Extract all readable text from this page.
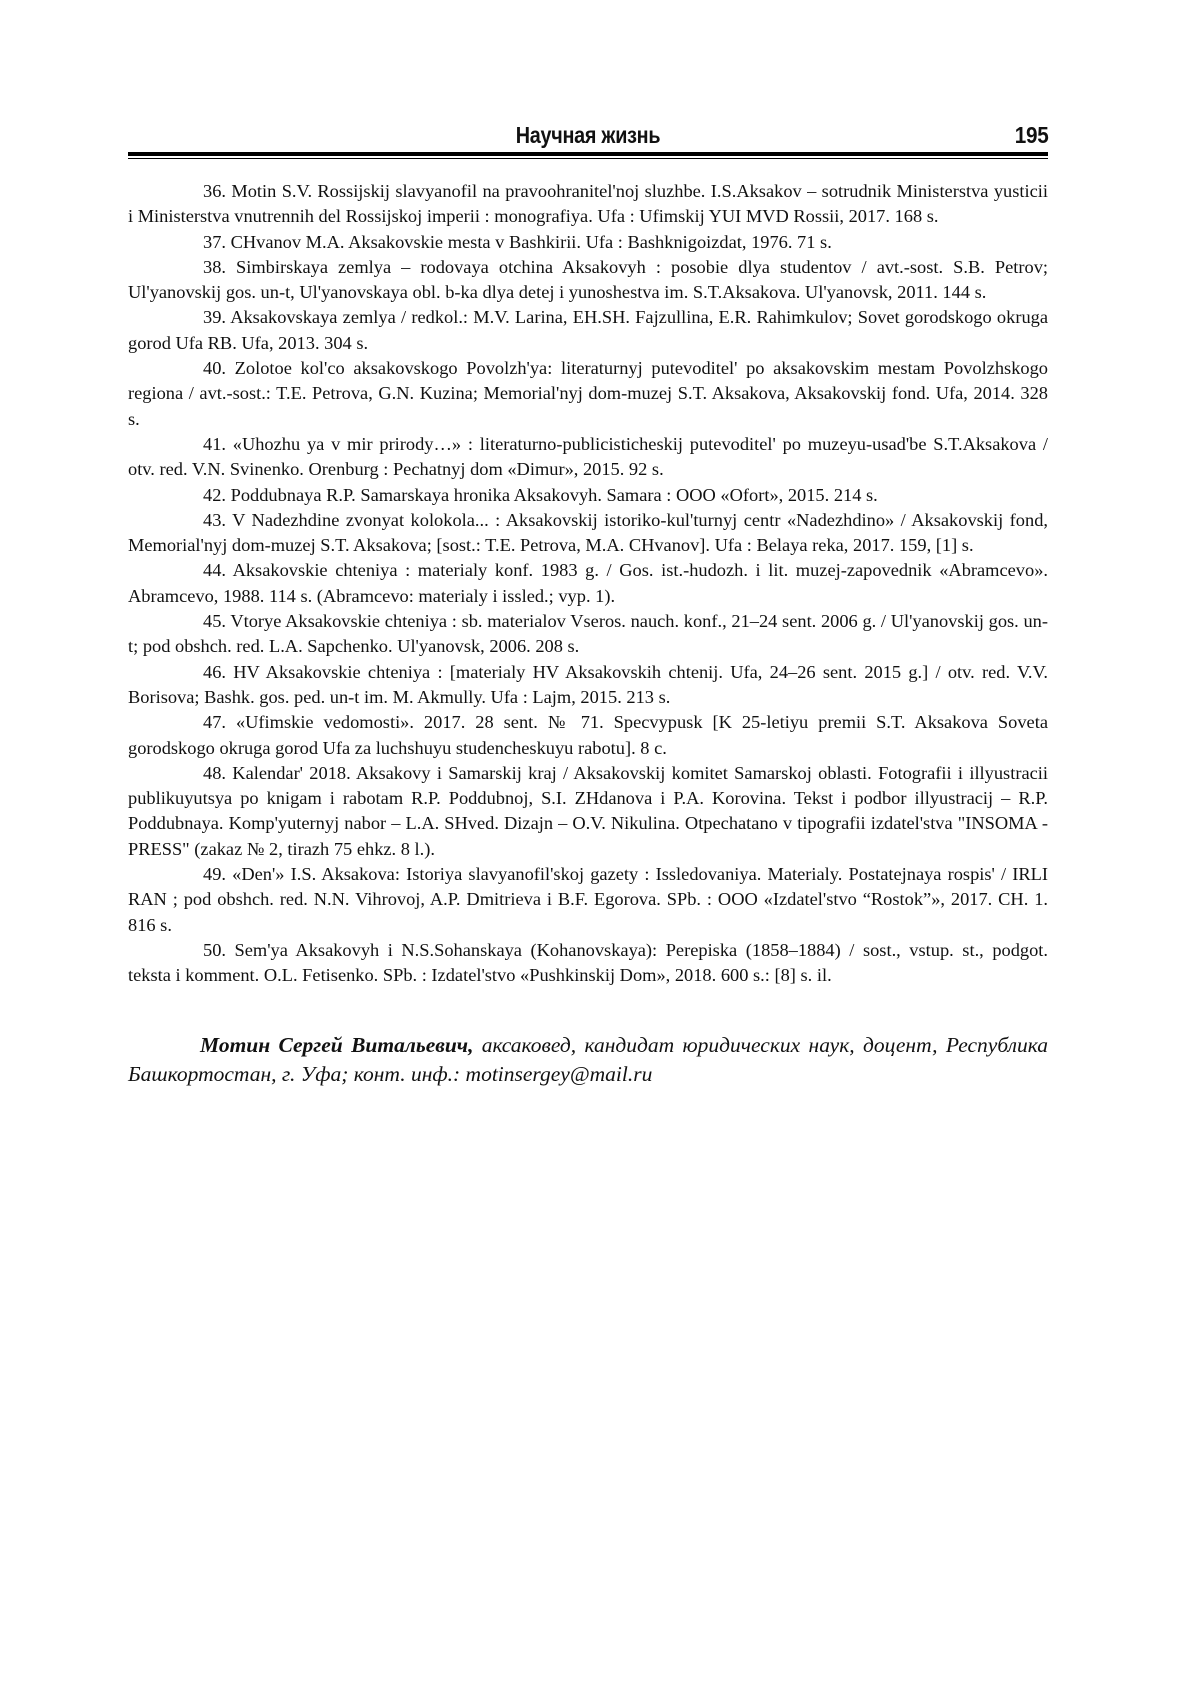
Научная жизнь	195

36. Motin S.V. Rossijskij slavyanofil na pravoohranitel'noj sluzhbe. I.S.Aksakov – sotrudnik Ministerstva yusticii i Ministerstva vnutrennih del Rossijskoj imperii : monografiya. Ufa : Ufimskij YUI MVD Rossii, 2017. 168 s.

37. CHvanov M.A. Aksakovskie mesta v Bashkirii. Ufa : Bashknigoizdat, 1976. 71 s.

38. Simbirskaya zemlya – rodovaya otchina Aksakovyh : posobie dlya studentov / avt.-sost. S.B. Petrov; Ul'yanovskij gos. un-t, Ul'yanovskaya obl. b-ka dlya detej i yunoshestva im. S.T.Aksakova. Ul'yanovsk, 2011. 144 s.

39. Aksakovskaya zemlya / redkol.: M.V. Larina, EH.SH. Fajzullina, E.R. Rahimkulov; Sovet gorodskogo okruga gorod Ufa RB. Ufa, 2013. 304 s.

40. Zolotoe kol'co aksakovskogo Povolzh'ya: literaturnyj putevoditel' po aksakovskim mestam Povolzhskogo regiona / avt.-sost.: T.E. Petrova, G.N. Kuzina; Memorial'nyj dom-muzej S.T. Aksakova, Aksakovskij fond. Ufa, 2014. 328 s.

41. «Uhozhu ya v mir prirody…» : literaturno-publicisticheskij putevoditel' po muzeyu-usad'be S.T.Aksakova / otv. red. V.N. Svinenko. Orenburg : Pechatnyj dom «Dimur», 2015. 92 s.

42. Poddubnaya R.P. Samarskaya hronika Aksakovyh. Samara : OOO «Ofort», 2015. 214 s.

43. V Nadezhdine zvonyat kolokola... : Aksakovskij istoriko-kul'turnyj centr «Nadezhdino» / Aksakovskij fond, Memorial'nyj dom-muzej S.T. Aksakova; [sost.: T.E. Petrova, M.A. CHvanov]. Ufa : Belaya reka, 2017. 159, [1] s.

44. Aksakovskie chteniya : materialy konf. 1983 g. / Gos. ist.-hudozh. i lit. muzej-zapovednik «Abramcevo». Abramcevo, 1988. 114 s. (Abramcevo: materialy i issled.; vyp. 1).

45. Vtorye Aksakovskie chteniya : sb. materialov Vseros. nauch. konf., 21–24 sent. 2006 g. / Ul'yanovskij gos. un-t; pod obshch. red. L.A. Sapchenko. Ul'yanovsk, 2006. 208 s.

46. HV Aksakovskie chteniya : [materialy HV Aksakovskih chtenij. Ufa, 24–26 sent. 2015 g.] / otv. red. V.V. Borisova; Bashk. gos. ped. un-t im. M. Akmully. Ufa : Lajm, 2015. 213 s.

47. «Ufimskie vedomosti». 2017. 28 sent. № 71. Specvypusk [K 25-letiyu premii S.T. Aksakova Soveta gorodskogo okruga gorod Ufa za luchshuyu studencheskuyu rabotu]. 8 c.

48. Kalendar' 2018. Aksakovy i Samarskij kraj / Aksakovskij komitet Samarskoj oblasti. Fotografii i illyustracii publikuyutsya po knigam i rabotam R.P. Poddubnoj, S.I. ZHdanova i P.A. Korovina. Tekst i podbor illyustracij – R.P. Poddubnaya. Komp'yuternyj nabor – L.A. SHved. Dizajn – O.V. Nikulina. Otpechatano v tipografii izdatel'stva "INSOMA - PRESS" (zakaz № 2, tirazh 75 ehkz. 8 l.).

49. «Den'» I.S. Aksakova: Istoriya slavyanofil'skoj gazety : Issledovaniya. Materialy. Postatejnaya rospis' / IRLI RAN ; pod obshch. red. N.N. Vihrovoj, A.P. Dmitrieva i B.F. Egorova. SPb. : OOO «Izdatel'stvo “Rostok”», 2017. CH. 1. 816 s.

50. Sem'ya Aksakovyh i N.S.Sohanskaya (Kohanovskaya): Perepiska (1858–1884) / sost., vstup. st., podgot. teksta i komment. O.L. Fetisenko. SPb. : Izdatel'stvo «Pushkinskij Dom», 2018. 600 s.: [8] s. il.

Мотин Сергей Витальевич, аксаковед, кандидат юридических наук, доцент, Республика Башкортостан, г. Уфа; конт. инф.: motinsergey@mail.ru
